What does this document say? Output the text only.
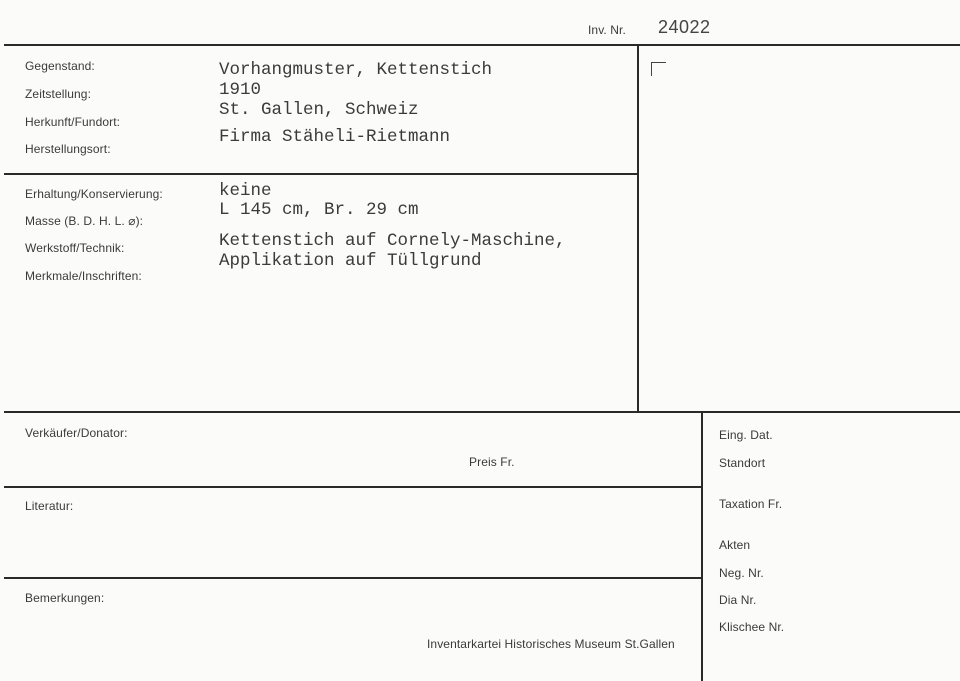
Inv. Nr. 24022
Gegenstand:
Zeitstellung:
Herkunft/Fundort:
Herstellungsort:
Vorhangmuster, Kettenstich
1910
St. Gallen, Schweiz
Firma Stäheli-Rietmann
Erhaltung/Konservierung:
Masse (B. D. H. L. ⌀):
Werkstoff/Technik:
Merkmale/Inschriften:
keine
L 145 cm, Br. 29 cm
Kettenstich auf Cornely-Maschine,
Applikation auf Tüllgrund
Verkäufer/Donator:
Preis Fr.
Literatur:
Bemerkungen:
Inventarkartei Historisches Museum St.Gallen
Eing. Dat.
Standort
Taxation Fr.
Akten
Neg. Nr.
Dia Nr.
Klischee Nr.
